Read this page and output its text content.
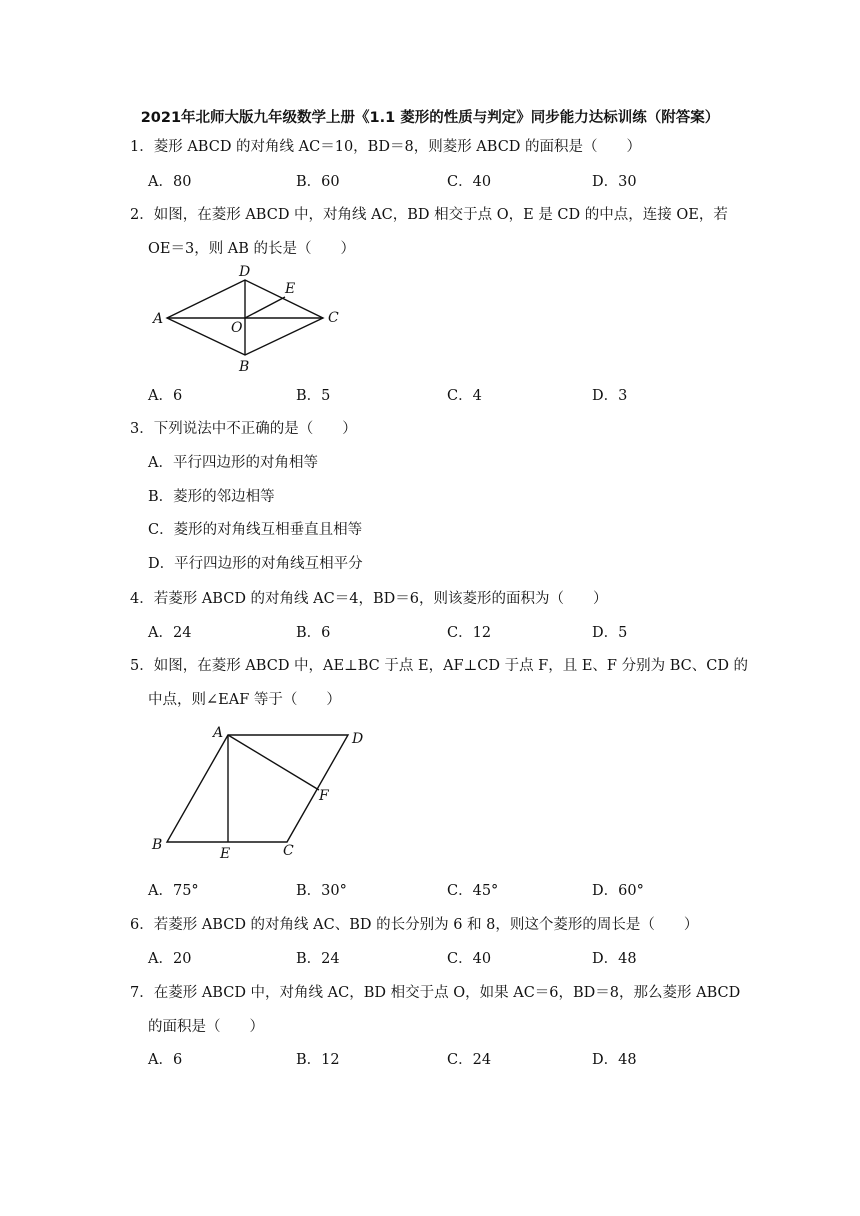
2021年北师大版九年级数学上册《1.1 菱形的性质与判定》同步能力达标训练（附答案）
1．菱形 ABCD 的对角线 AC＝10，BD＝8，则菱形 ABCD 的面积是（　　）
A．80	B．60	C．40	D．30
2．如图，在菱形 ABCD 中，对角线 AC，BD 相交于点 O，E 是 CD 的中点，连接 OE，若
OE＝3，则 AB 的长是（　　）
A
D
E
C
O
B
A．6	B．5	C．4	D．3
3．下列说法中不正确的是（　　）
A．平行四边形的对角相等
B．菱形的邻边相等
C．菱形的对角线互相垂直且相等
D．平行四边形的对角线互相平分
4．若菱形 ABCD 的对角线 AC＝4，BD＝6，则该菱形的面积为（　　）
A．24	B．6	C．12	D．5
5．如图，在菱形 ABCD 中，AE⊥BC 于点 E，AF⊥CD 于点 F，且 E、F 分别为 BC、CD 的
中点，则∠EAF 等于（　　）
A	D
F
B
E	C
A．75°	B．30°	C．45°	D．60°
6．若菱形 ABCD 的对角线 AC、BD 的长分别为 6 和 8，则这个菱形的周长是（　　）
A．20	B．24	C．40	D．48
7．在菱形 ABCD 中，对角线 AC，BD 相交于点 O，如果 AC＝6，BD＝8，那么菱形 ABCD
的面积是（　　）
A．6	B．12	C．24	D．48
